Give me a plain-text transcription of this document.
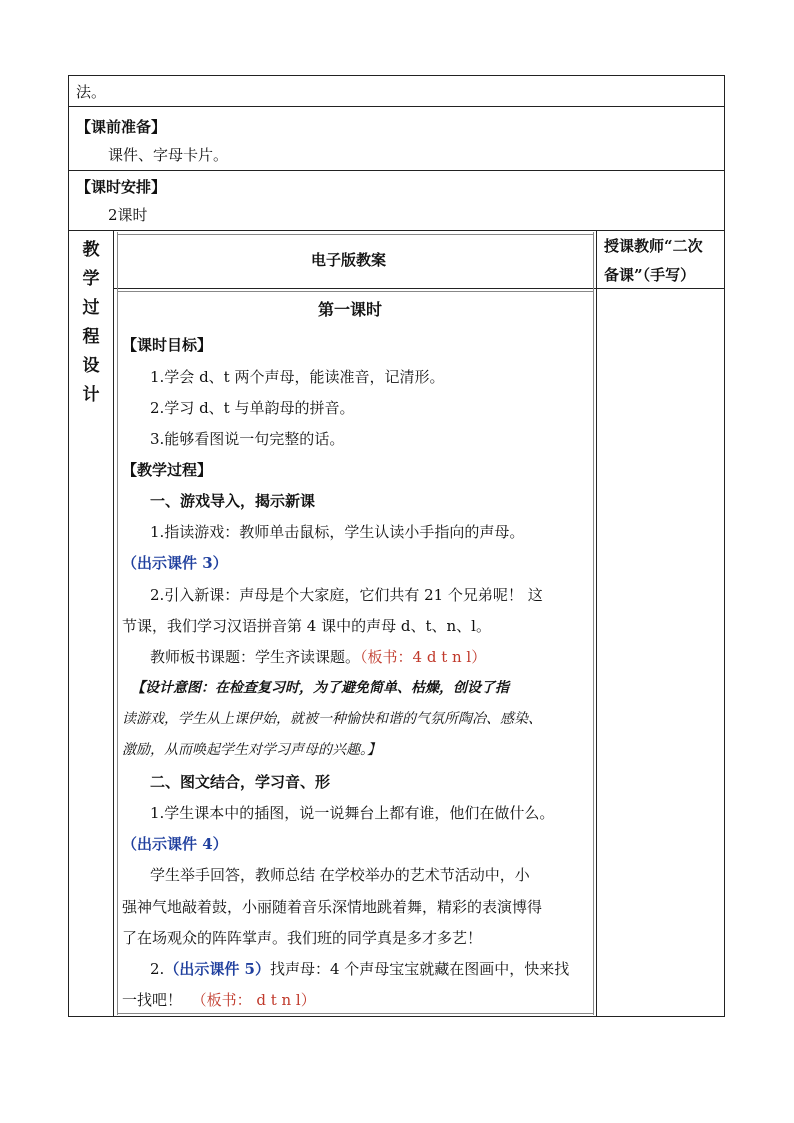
法。
【课前准备】
课件、字母卡片。
【课时安排】
2课时
教
学
过
程
设
计
电子版教案
授课教师“二次
备课”（手写）
第一课时
【课时目标】
1.学会 d、t 两个声母，能读准音，记清形。
2.学习 d、t 与单韵母的拼音。
3.能够看图说一句完整的话。
【教学过程】
一、游戏导入，揭示新课
1.指读游戏：教师单击鼠标，学生认读小手指向的声母。
（出示课件 3）
2.引入新课：声母是个大家庭，它们共有 21 个兄弟呢！ 这
节课，我们学习汉语拼音第 4 课中的声母 d、t、n、l。
教师板书课题：学生齐读课题。（板书：4 d t n l）
【设计意图：在检查复习时，为了避免简单、枯燥，创设了指
读游戏，学生从上课伊始，就被一种愉快和谐的气氛所陶冶、感染、
激励，从而唤起学生对学习声母的兴趣。】
二、图文结合，学习音、形
1.学生课本中的插图，说一说舞台上都有谁，他们在做什么。
（出示课件 4）
学生举手回答，教师总结 在学校举办的艺术节活动中，小
强神气地敲着鼓，小丽随着音乐深情地跳着舞，精彩的表演博得
了在场观众的阵阵掌声。我们班的同学真是多才多艺！
2.（出示课件 5）找声母：4 个声母宝宝就藏在图画中，快来找
一找吧！ （板书： d t n l）
